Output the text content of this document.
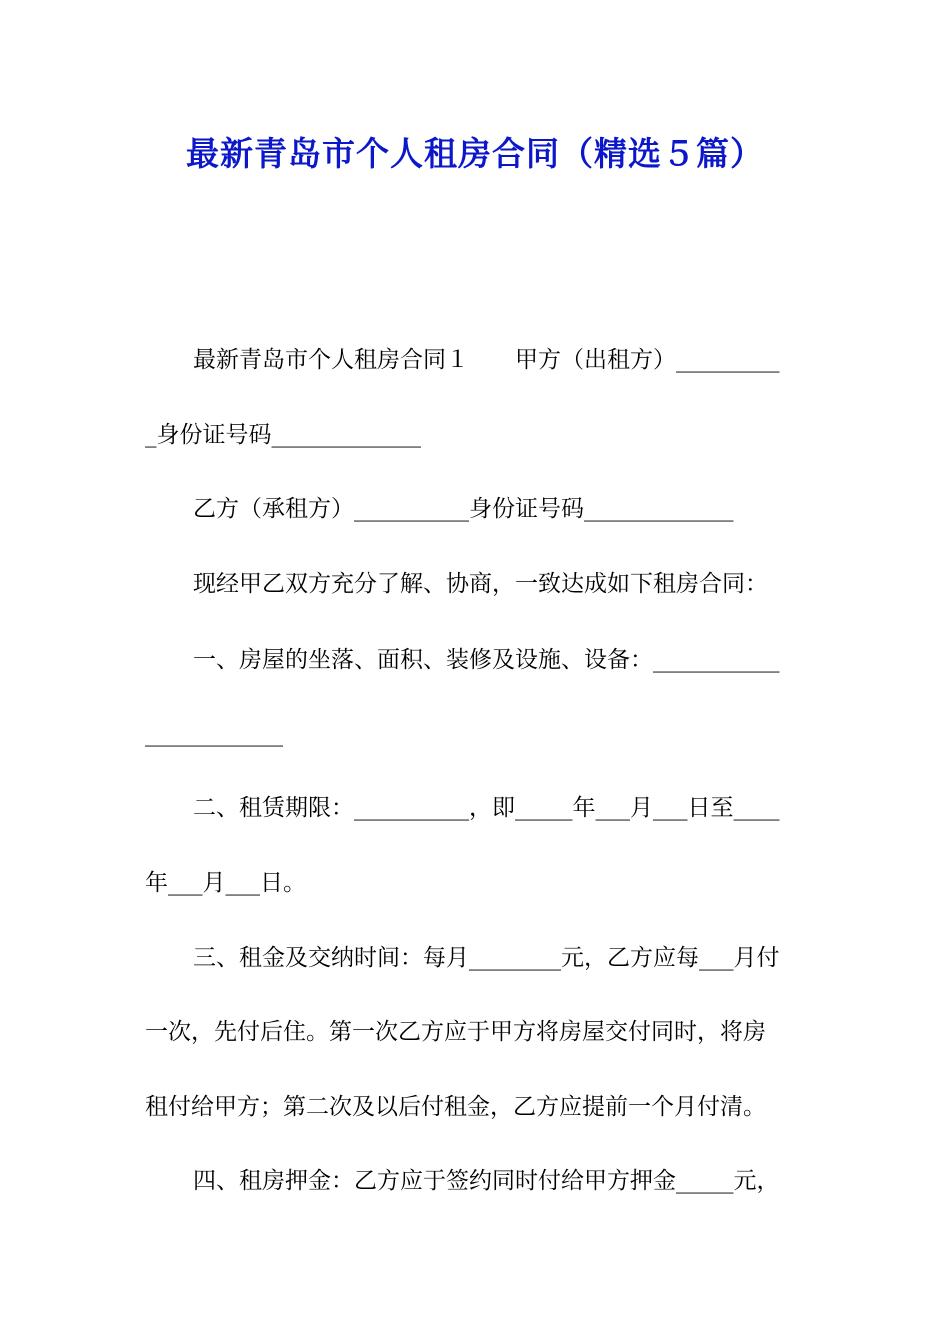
最新青岛市个人租房合同（精选５篇）
最新青岛市个人租房合同１　　甲方（出租方）_________
_身份证号码_____________
乙方（承租方）__________身份证号码_____________
现经甲乙双方充分了解、协商，一致达成如下租房合同：
一、房屋的坐落、面积、装修及设施、设备：___________
____________
二、租赁期限：__________，即_____年___月___日至____
年___月___日。
三、租金及交纳时间：每月________元，乙方应每___月付
一次，先付后住。第一次乙方应于甲方将房屋交付同时，将房
租付给甲方；第二次及以后付租金，乙方应提前一个月付清。
四、租房押金：乙方应于签约同时付给甲方押金_____元，
